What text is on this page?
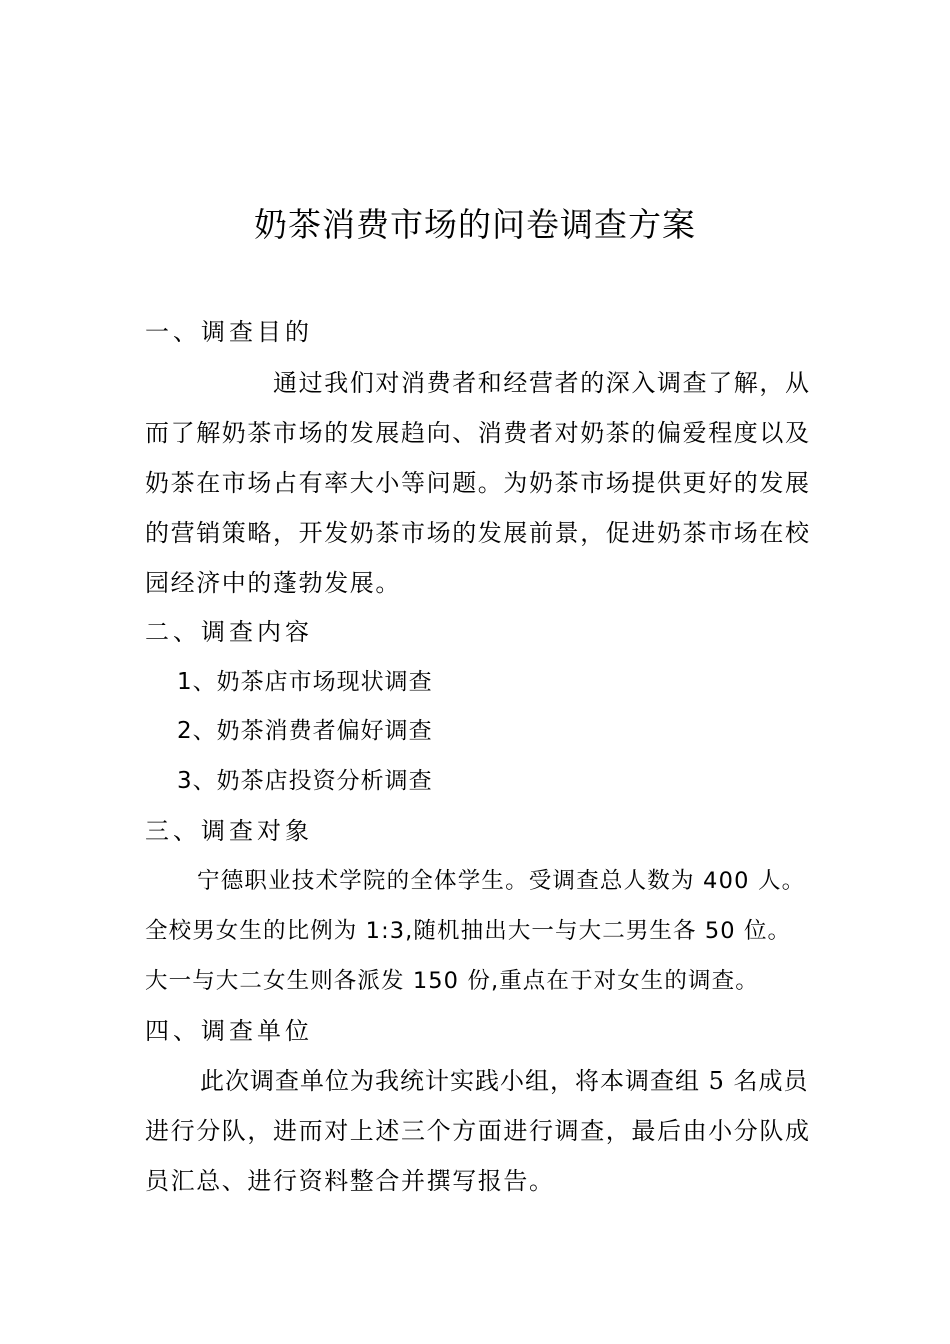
奶茶消费市场的问卷调查方案
一、调查目的
通过我们对消费者和经营者的深入调查了解，从
而了解奶茶市场的发展趋向、消费者对奶茶的偏爱程度以及
奶茶在市场占有率大小等问题。为奶茶市场提供更好的发展
的营销策略，开发奶茶市场的发展前景，促进奶茶市场在校
园经济中的蓬勃发展。
二、调查内容
1、奶茶店市场现状调查
2、奶茶消费者偏好调查
3、奶茶店投资分析调查
三、调查对象
宁德职业技术学院的全体学生。受调查总人数为 400 人。
全校男女生的比例为 1:3,随机抽出大一与大二男生各 50 位。
大一与大二女生则各派发 150 份,重点在于对女生的调查。
四、调查单位
此次调查单位为我统计实践小组，将本调查组 5 名成员
进行分队，进而对上述三个方面进行调查，最后由小分队成
员汇总、进行资料整合并撰写报告。
